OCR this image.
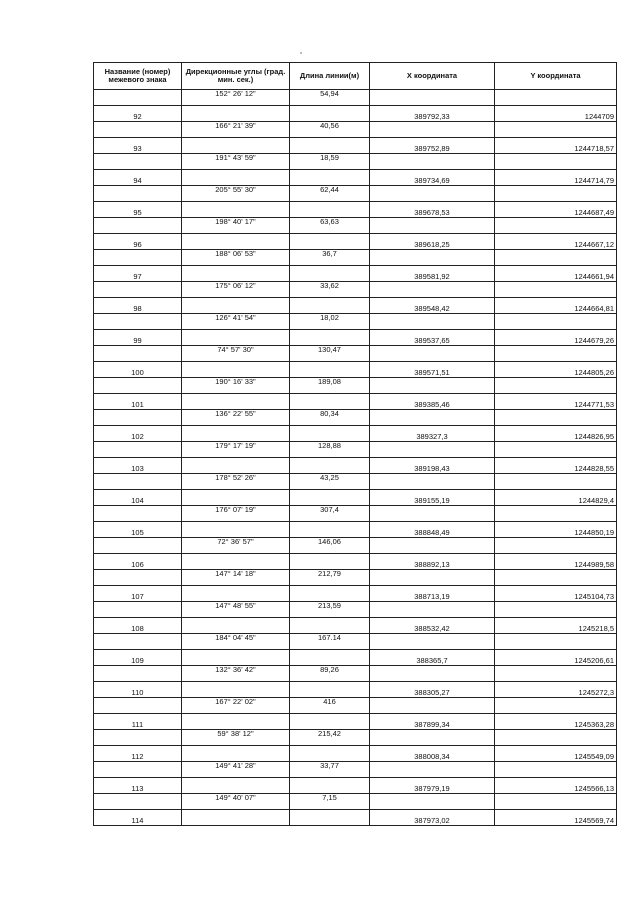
Название (номер) межевого знака	Дирекционные углы (град. мин. сек.)	Длина линии(м)	X координата	Y координата
	152° 26' 12"	54,94		
92			389792,33	1244709
	166° 21' 39"	40,56		
93			389752,89	1244718,57
	191° 43' 59"	18,59		
94			389734,69	1244714,79
	205° 55' 30"	62,44		
95			389678,53	1244687,49
	198° 40' 17"	63,63		
96			389618,25	1244667,12
	188° 06' 53"	36,7		
97			389581,92	1244661,94
	175° 06' 12"	33,62		
98			389548,42	1244664,81
	126° 41' 54"	18,02		
99			389537,65	1244679,26
	74° 57' 30"	130,47		
100			389571,51	1244805,26
	190° 16' 33"	189,08		
101			389385,46	1244771,53
	136° 22' 55"	80,34		
102			389327,3	1244826,95
	179° 17' 19"	128,88		
103			389198,43	1244828,55
	178° 52' 26"	43,25		
104			389155,19	1244829,4
	176° 07' 19"	307,4		
105			388848,49	1244850,19
	72° 36' 57"	146,06		
106			388892,13	1244989,58
	147° 14' 18"	212,79		
107			388713,19	1245104,73
	147° 48' 55"	213,59		
108			388532,42	1245218,5
	184° 04' 45"	167.14		
109			388365,7	1245206,61
	132° 36' 42"	89,26		
110			388305,27	1245272,3
	167° 22' 02"	416		
111			387899,34	1245363,28
	59° 38' 12"	215,42		
112			388008,34	1245549,09
	149° 41' 28"	33,77		
113			387979,19	1245566,13
	149° 40' 07"	7,15		
114			387973,02	1245569,74
